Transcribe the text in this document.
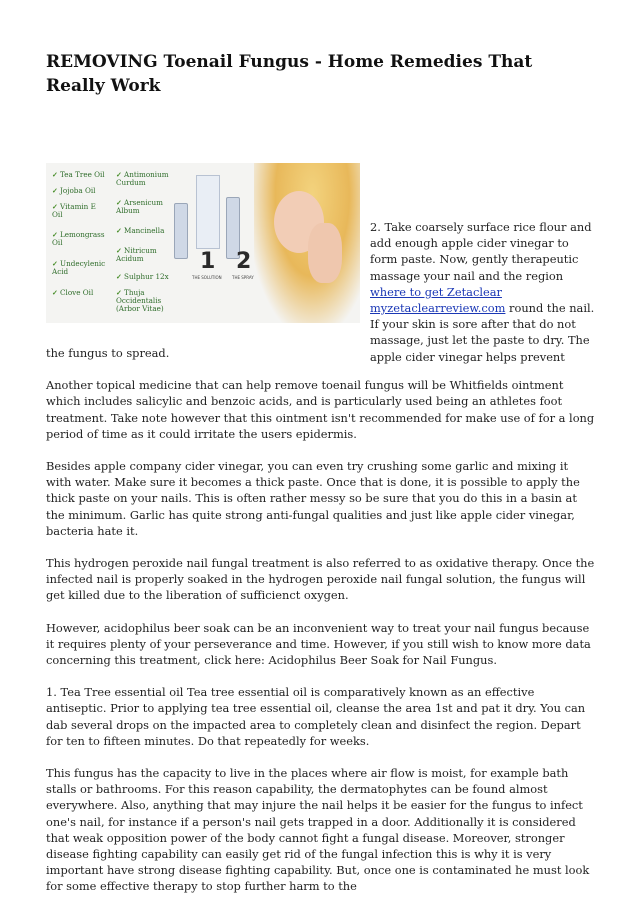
REMOVING Toenail Fungus - Home Remedies That Really Work
✓ Tea Tree Oil
✓ Jojoba Oil
✓ Vitamin E Oil
✓ Lemongrass Oil
✓ Undecylenic Acid
✓ Clove Oil
✓ Antimonium Curdum
✓ Arsenicum Album
✓ Mancinella
✓ Nitricum Acidum
✓ Sulphur 12x
✓ Thuja Occidentalis (Arbor Vitae)
1 2
THE SOLUTION	THE SPRAY
2. Take coarsely surface rice flour and add enough apple cider vinegar to form paste. Now, gently therapeutic massage your nail and the region where to get Zetaclear myzetaclearreview.com round the nail. If your skin is sore after that do not massage, just let the paste to dry. The apple cider vinegar helps prevent

the fungus to spread.

Another topical medicine that can help remove toenail fungus will be Whitfields ointment which includes salicylic and benzoic acids, and is particularly used being an athletes foot treatment. Take note however that this ointment isn't recommended for make use of for a long period of time as it could irritate the users epidermis.

Besides apple company cider vinegar, you can even try crushing some garlic and mixing it with water. Make sure it becomes a thick paste. Once that is done, it is possible to apply the thick paste on your nails. This is often rather messy so be sure that you do this in a basin at the minimum. Garlic has quite strong anti-fungal qualities and just like apple cider vinegar, bacteria hate it.

This hydrogen peroxide nail fungal treatment is also referred to as oxidative therapy. Once the infected nail is properly soaked in the hydrogen peroxide nail fungal solution, the fungus will get killed due to the liberation of sufficienct oxygen.

However, acidophilus beer soak can be an inconvenient way to treat your nail fungus because it requires plenty of your perseverance and time. However, if you still wish to know more data concerning this treatment, click here: Acidophilus Beer Soak for Nail Fungus.

1. Tea Tree essential oil Tea tree essential oil is comparatively known as an effective antiseptic. Prior to applying tea tree essential oil, cleanse the area 1st and pat it dry. You can dab several drops on the impacted area to completely clean and disinfect the region. Depart for ten to fifteen minutes. Do that repeatedly for weeks.

This fungus has the capacity to live in the places where air flow is moist, for example bath stalls or bathrooms. For this reason capability, the dermatophytes can be found almost everywhere. Also, anything that may injure the nail helps it be easier for the fungus to infect one's nail, for instance if a person's nail gets trapped in a door. Additionally it is considered that weak opposition power of the body cannot fight a fungal disease. Moreover, stronger disease fighting capability can easily get rid of the fungal infection this is why it is very important have strong disease fighting capability. But, once one is contaminated he must look for some effective therapy to stop further harm to the
